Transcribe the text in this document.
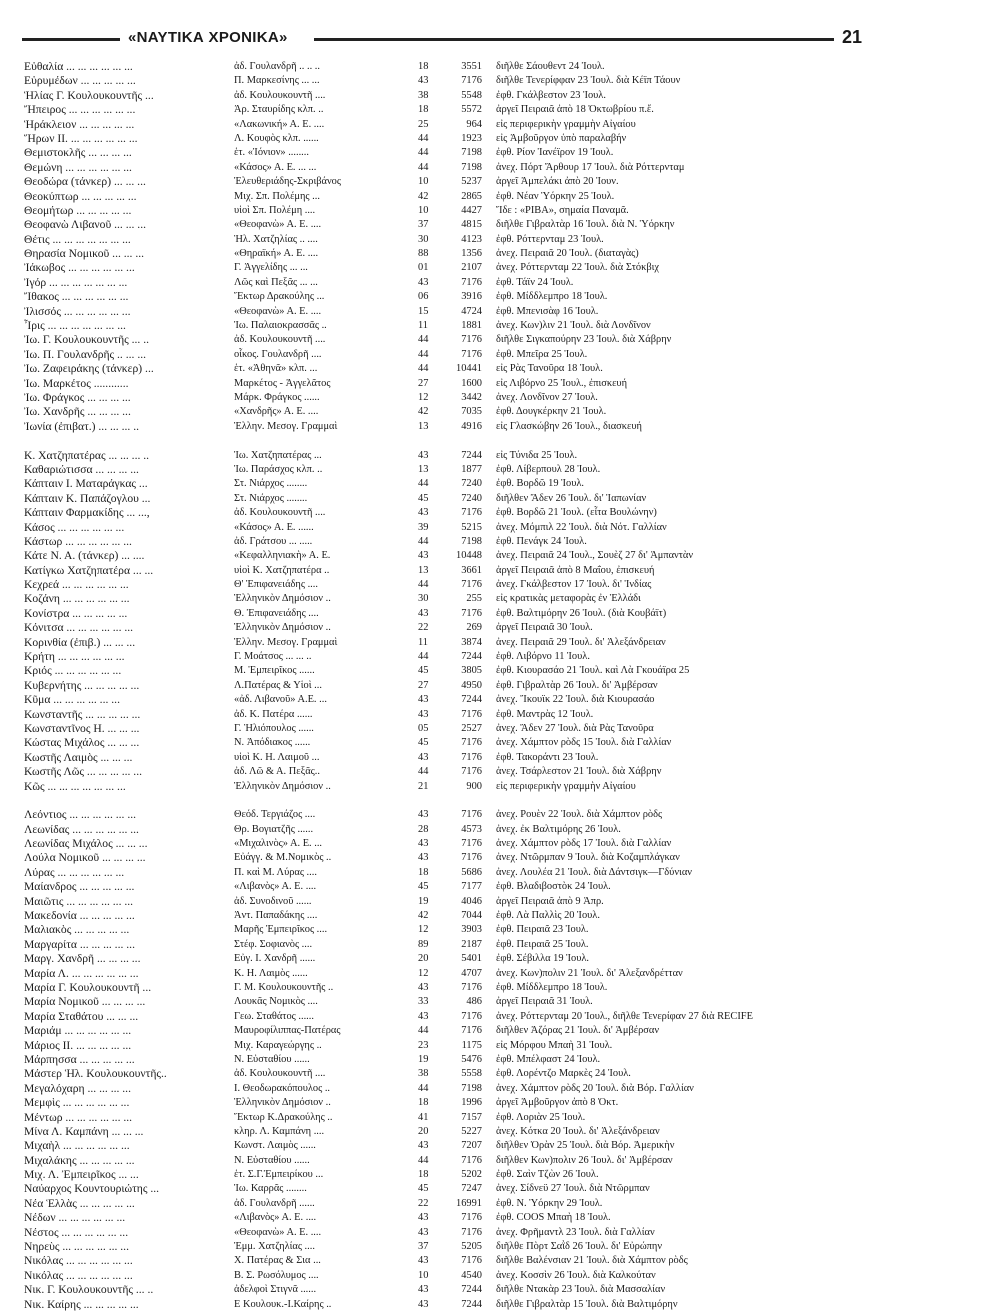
«ΝΑΥΤΙΚΑ ΧΡΟΝΙΚΑ»	21
Εὐθαλία ... ... ... ... ... ...	ἀδ. Γουλανδρῆ .. .. ..	18	3551 διῆλθε Σάουθεντ 24 Ἰουλ.
Εὐρυμέδων ... ... ... ... ...	Π. Μαρκεσίνης ... ...	43	7176 διῆλθε Τενερίφφαν 23 Ἰουλ. διὰ Κέϊπ Τάουν
Ἡλίας Γ. Κουλουκουντῆς ...	ἀδ. Κουλουκουντῆ ....	38	5548 ἐφθ. Γκάλβεστον 23 Ἰουλ.
Ἤπειρος ... ... ... ... ... ...	Ἀρ. Σταυρίδης κλπ. ..	18	5572 ἀργεῖ Πειραιᾶ ἀπὸ 18 Ὀκτωβρίου π.ἔ.
Ἡράκλειον ... ... ... ... ...	«Λακωνική» Α. Ε. ....	25	964 εἰς περιφερικὴν γραμμὴν Αἰγαίου
Ἥρων ΙΙ. ... ... ... ... ... ...	Λ. Κουφὸς κλπ. ......	44	1923 εἰς Ἀμβοῦργον ὑπὸ παραλαβήν
Θεμιστοκλῆς ... ... ... ...	ἑτ. «Ἰόνιον» ........	44	7198 ἐφθ. Ρίον Ἰανέϊρον 19 Ἰουλ.
Θεμώνη ... ... ... ... ... ...	«Κάσος» Α. Ε. ... ...	44	7198 ἀνεχ. Πόρτ Ἄρθουρ 17 Ἰουλ. διὰ Ρόττερνταμ
Θεοδώρα (τάνκερ) ... ... ...	Ἐλευθεριάδης-Σκριβάνος	10	5237 ἀργεῖ Ἀμπελάκι ἀπὸ 20 Ἰουν.
Θεοκύπτωρ ... ... ... ... ...	Μιχ. Σπ. Πολέμης ...	42	2865 ἐφθ. Νέαν Ὑόρκην 25 Ἰουλ.
Θεομήτωρ ... ... ... ... ...	υἱοὶ Σπ. Πολέμη ....	10	4427 Ἴδε : «ΡΙΒΑ», σημαία Παναμᾶ.
Θεοφανὼ Λιβανοῦ ... ... ...	«Θεοφανὼ» Α. Ε. ....	37	4815 διῆλθε Γιβραλτὰρ 16 Ἰουλ. διὰ Ν. Ὑόρκην
Θέτις ... ... ... ... ... ... ...	Ἡλ. Χατζηλίας .. ....	30	4123 ἐφθ. Ρόττερνταμ 23 Ἰουλ.
Θηρασία Νομικοῦ ... ... ...	«Θηραϊκή» Α. Ε. ....	88	1356 ἀνεχ. Πειραιᾶ 20 Ἰουλ. (διαταγὰς)
Ἰάκωβος ... ... ... ... ... ...	Γ. Ἀγγελίδης ... ...	01	2107 ἀνεχ. Ρόττερνταμ 22 Ἰουλ. διὰ Στόκβιχ
Ἰγόρ ... ... ... ... ... ... ...	Λῶς καὶ Πεξᾶς ... ...	43	7176 ἐφθ. Τάϊν 24 Ἰουλ.
Ἴθακος ... ... ... ... ... ...	Ἕκτωρ Δρακούλης ...	06	3916 ἐφθ. Μίδδλεμπρο 18 Ἰουλ.
Ἰλισσός ... ... ... ... ... ...	«Θεοφανὼ» Α. Ε. ....	15	4724 ἐφθ. Μπενισὰφ 16 Ἰουλ.
Ἶρις ... ... ... ... ... ... ...	Ἰω. Παλαιοκρασσᾶς ..	11	1881 ἀνεχ. Κων)λιν 21 Ἰουλ. διὰ Λονδῖνον
Ἰω. Γ. Κουλουκουντῆς ... ..	ἀδ. Κουλουκουντῆ ....	44	7176 διῆλθε Σιγκαπούρην 23 Ἰουλ. διὰ Χάβρην
Ἰω. Π. Γουλανδρῆς .. ... ...	οἶκος. Γουλανδρῆ ....	44	7176 ἐφθ. Μπεῖρα 25 Ἰουλ.
Ἰω. Ζαφειράκης (τάνκερ) ...	ἑτ. «Ἀθηνᾶ» κλπ. ...	44	10441 εἰς Ρὰς Τανοῦρα 18 Ἰουλ.
Ἰω. Μαρκέτος ............	Μαρκέτος - Ἀγγελᾶτος	27	1600 εἰς Λιβόρνο 25 Ἰουλ., ἐπισκευή
Ἰω. Φράγκος ... ... ... ...	Μάρκ. Φράγκος ......	12	3442 ἀνεχ. Λονδῖνον 27 Ἰουλ.
Ἰω. Χανδρῆς ... ... ... ...	«Χανδρῆς» Α. Ε. ....	42	7035 ἐφθ. Δουγκέρκην 21 Ἰουλ.
Ἰωνία (ἐπιβατ.) ... ... ... ..	Ἑλλην. Μεσογ. Γραμμαὶ	13	4916 εἰς Γλασκώβην 26 Ἰουλ., διασκευή
Κ. Χατζηπατέρας ... ... ... ..	Ἰω. Χατζηπατέρας ...	43	7244 εἰς Τύνιδα 25 Ἰουλ.
Καθαριώτισσα ... ... ... ...	Ἰω. Παράσχος κλπ. ..	13	1877 ἐφθ. Λίβερπουλ 28 Ἰουλ.
Κάπταιν Ι. Ματαράγκας ...	Στ. Νιάρχος ........	44	7240 ἐφθ. Βορδῶ 19 Ἰουλ.
Κάπταιν Κ. Παπάζογλου ...	Στ. Νιάρχος ........	45	7240 διῆλθεν Ἄδεν 26 Ἰουλ. δι' Ἰαπωνίαν
Κάπταιν Φαρμακίδης ... ...,	ἀδ. Κουλουκουντῆ ....	43	7176 ἐφθ. Βορδῶ 21 Ἰουλ. (εἶτα Βουλώνην)
Κάσος ... ... ... ... ... ...	«Κάσος» Α. Ε. ......	39	5215 ἀνεχ. Μόμπιλ 22 Ἰουλ. διὰ Νότ. Γαλλίαν
Κάστωρ ... ... ... ... ... ...	ἀδ. Γράτσου ... .....	44	7198 ἐφθ. Πενάγκ 24 Ἰουλ.
Κάτε Ν. Α. (τάνκερ) ... ....	«Κεφαλληνιακὴ» Α. Ε.	43	10448 ἀνεχ. Πειραιᾶ 24 Ἰουλ., Σουὲζ 27 δι' Ἀμπαντὰν
Κατίγκω Χατζηπατέρα ... ...	υἱοὶ Κ. Χατζηπατέρα ..	13	3661 ἀργεῖ Πειραιᾶ ἀπὸ 8 Μαΐου, ἐπισκευή
Κεχρεά ... ... ... ... ... ...	Θ' Ἐπιφανειάδης ....	44	7176 ἀνεχ. Γκάλβεστον 17 Ἰουλ. δι' Ἰνδίας
Κοζάνη ... ... ... ... ... ...	Ἑλληνικὸν Δημόσιον ..	30	255 εἰς κρατικὰς μεταφορὰς ἐν Ἑλλάδι
Κονίστρα ... ... ... ... ...	Θ. Ἐπιφανειάδης ....	43	7176 ἐφθ. Βαλτιμόρην 26 Ἰουλ. (διὰ Κουβάϊτ)
Κόνιτσα ... ... ... ... ... ...	Ἑλληνικὸν Δημόσιον ..	22	269 ἀργεῖ Πειραιᾶ 30 Ἰουλ.
Κορινθία (ἐπιβ.) ... ... ...	Ἑλλην. Μεσογ. Γραμμαὶ	11	3874 ἀνεχ. Πειραιᾶ 29 Ἰουλ. δι' Ἀλεξάνδρειαν
Κρήτη ... ... ... ... ... ...	Γ. Μοάτσος ... ... ..	44	7244 ἐφθ. Λιβόρνο 11 Ἰουλ.
Κριός ... ... ... ... ... ...	Μ. Ἐμπειρῖκος ......	45	3805 ἐφθ. Κιουρασάο 21 Ἰουλ. καὶ Λὰ Γκουάϊρα 25
Κυβερνήτης ... ... ... ... ...	Λ.Πατέρας & Υἱοὶ ...	27	4950 ἐφθ. Γιβραλτὰρ 26 Ἰουλ. δι' Ἀμβέρσαν
Κῦμα ... ... ... ... ... ...	«ἀδ. Λιβανοῦ» Α.Ε. ...	43	7244 ἀνεχ. Ἴκουϊκ 22 Ἰουλ. διὰ Κιουρασάο
Κωνσταντῆς ... ... ... ... ...	ἀδ. Κ. Πατέρα ......	43	7176 ἐφθ. Μαντρὰς 12 Ἰουλ.
Κωνσταντῖνος Η. ... ... ...	Γ. Ἡλιόπουλος ......	05	2527 ἀνεχ. Ἄδεν 27 Ἰουλ. διὰ Ρὰς Τανοῦρα
Κώστας Μιχάλος ... ... ...	Ν. Ἀπόδιακος ......	45	7176 ἀνεχ. Χάμπτον ρὸδς 15 Ἰουλ. διὰ Γαλλίαν
Κωστῆς Λαιμὸς ... ... ...	υἱοὶ Κ. Η. Λαιμοῦ ...	43	7176 ἐφθ. Τακοράντι 23 Ἰουλ.
Κωστῆς Λῶς ... ... ... ... ...	ἀδ. Λῶ & Α. Πεξᾶς..	44	7176 ἀνεχ. Τσάρλεστον 21 Ἰουλ. διὰ Χάβρην
Κῶς ... ... ... ... ... ... ...	Ἑλληνικὸν Δημόσιον ..	21	900 εἰς περιφερικὴν γραμμὴν Αἰγαίου
Λεόντιος ... ... ... ... ... ...	Θεόδ. Τεργιάζος ....	43	7176 ἀνεχ. Ρουὲν 22 Ἰουλ. διὰ Χάμπτον ρὸδς
Λεωνίδας ... ... ... ... ... ...	Θρ. Βογιατζῆς ......	28	4573 ἀνεχ. ἐκ Βαλτιμόρης 26 Ἰουλ.
Λεωνίδας Μιχάλος ... ... ...	«Μιχαλινὸς» Α. Ε. ...	43	7176 ἀνεχ. Χάμπτον ρὸδς 17 Ἰουλ. διὰ Γαλλίαν
Λούλα Νομικοῦ ... ... ... ...	Εὐάγγ. & Μ.Νομικὸς ..	43	7176 ἀνεχ. Ντῶρμπαν 9 Ἰουλ. διὰ Κοζαμπλάγκαν
Λύρας ... ... ... ... ... ...	Π. καὶ Μ. Λύρας ....	18	5686 ἀνεχ. Λουλέα 21 Ἰουλ. διὰ Δάντσιγκ—Γδύνιαν
Μαίανδρος ... ... ... ... ...	«Λιβανὸς» Α. Ε. ....	45	7177 ἐφθ. Βλαδιβοστὸκ 24 Ἰουλ.
Μαιῶτις ... ... ... ... ... ...	ἀδ. Συνοδινοῦ ......	19	4046 ἀργεῖ Πειραιᾶ ἀπὸ 9 Ἀπρ.
Μακεδονία ... ... ... ... ...	Ἀντ. Παπαδάκης ....	42	7044 ἐφθ. Λὰ Παλλὶς 20 Ἰουλ.
Μαλιακὸς ... ... ... ... ...	Μαρῆς Ἐμπειρῖκος ....	12	3903 ἐφθ. Πειραιᾶ 23 Ἰουλ.
Μαργαρίτα ... ... ... ... ...	Στέφ. Σοφιανὸς ....	89	2187 ἐφθ. Πειραιᾶ 25 Ἰουλ.
Μαργ. Χανδρῆ ... ... ... ...	Εὐγ. Ι. Χανδρῆ ......	20	5401 ἐφθ. Σέβιλλα 19 Ἰουλ.
Μαρία Λ. ... ... ... ... ... ...	Κ. Η. Λαιμὸς ......	12	4707 ἀνεχ. Κων)πολιν 21 Ἰουλ. δι' Ἀλεξανδρέτταν
Μαρία Γ. Κουλουκουντῆ ...	Γ. Μ. Κουλουκουντῆς ..	43	7176 ἐφθ. Μίδδλεμπρο 18 Ἰουλ.
Μαρία Νομικοῦ ... ... ... ...	Λουκᾶς Νομικὸς ....	33	486 ἀργεῖ Πειραιᾶ 31 Ἰουλ.
Μαρία Σταθάτου ... ... ...	Γεω. Σταθάτος ......	43	7176 ἀνεχ. Ρόττερνταμ 20 Ἰουλ., διῆλθε Τενερίφαν 27 διὰ RECIFE
Μαριάμ ... ... ... ... ... ...	Μαυροφίλιππας-Πατέρας	44	7176 διῆλθεν Ἀζόρας 21 Ἰουλ. δι' Ἀμβέρσαν
Μάριος ΙΙ. ... ... ... ... ...	Μιχ. Καραγεώργης ..	23	1175 εἰς Μόρφου Μπαὴ 31 Ἰουλ.
Μάρπησσα ... ... ... ... ...	Ν. Εὐσταθίου ......	19	5476 ἐφθ. Μπέλφαστ 24 Ἰουλ.
Μάστερ Ἡλ. Κουλουκουντῆς..	ἀδ. Κουλουκουντῆ ....	38	5558 ἐφθ. Λορέντζο Μαρκὲς 24 Ἰουλ.
Μεγαλόχαρη ... ... ... ...	Ι. Θεοδωρακόπουλος ..	44	7198 ἀνεχ. Χάμπτον ρὸδς 20 Ἰουλ. διὰ Βόρ. Γαλλίαν
Μεμφὶς ... ... ... ... ... ...	Ἑλληνικὸν Δημόσιον ..	18	1996 ἀργεῖ Ἀμβοῦργον ἀπὸ 8 Ὀκτ.
Μέντωρ ... ... ... ... ... ...	Ἕκτωρ Κ.Δρακούλης ..	41	7157 ἐφθ. Λοριὰν 25 Ἰουλ.
Μίνα Λ. Καμπάνη ... ... ...	κληρ. Λ. Καμπάνη ....	20	5227 ἀνεχ. Κότκα 20 Ἰουλ. δι' Ἀλεξάνδρειαν
Μιχαὴλ ... ... ... ... ... ...	Κωνστ. Λαιμὸς ......	43	7207 διῆλθεν Ὀρὰν 25 Ἰουλ. διὰ Βόρ. Ἀμερικὴν
Μιχαλάκης ... ... ... ... ...	Ν. Εὐσταθίου ......	44	7176 διῆλθεν Κων)πολιν 26 Ἰουλ. δι' Ἀμβέρσαν
Μιχ. Λ. Ἐμπειρῖκος ... ...	ἑτ. Σ.Γ.Ἐμπειρίκου ...	18	5202 ἐφθ. Σαὶν Τζὼν 26 Ἰουλ.
Ναύαρχος Κουντουριώτης ...	Ἰω. Καρρᾶς ........	45	7247 ἀνεχ. Σίδνεϋ 27 Ἰουλ. διὰ Ντῶρμπαν
Νέα Ἑλλὰς ... ... ... ... ...	ἀδ. Γουλανδρῆ ......	22	16991 ἐφθ. Ν. Ὑόρκην 29 Ἰουλ.
Νέδων ... ... ... ... ... ...	«Λιβανὸς» Α. Ε. ....	43	7176 ἐφθ. COOS Μπαὴ 18 Ἰουλ.
Νέστος ... ... ... ... ... ...	«Θεοφανὼ» Α. Ε. ....	43	7176 ἀνεχ. Φρῆμαντλ 23 Ἰουλ. διὰ Γαλλίαν
Νηρεὺς ... ... ... ... ... ...	Ἐμμ. Χατζηλίας ....	37	5205 διῆλθε Πὸρτ Σαῒδ 26 Ἰουλ. δι' Εὐρώπην
Νικόλας ... ... ... ... ... ...	Χ. Πατέρας & Σια ...	43	7176 διῆλθε Βαλένσιαν 21 Ἰουλ. διὰ Χάμπτον ρὸδς
Νικόλας ... ... ... ... ... ...	Β. Σ. Ρωσόλυμος ....	10	4540 ἀνεχ. Κοσσὶν 26 Ἰουλ. διὰ Καλκούταν
Νικ. Γ. Κουλουκουντῆς ... ..	ἀδελφοὶ Στιγνᾶ ......	43	7244 διῆλθε Ντακὰρ 23 Ἰουλ. διὰ Μασσαλίαν
Νικ. Καίρης ... ... ... ... ...	Ε Κουλουκ.-Ι.Καίρης ..	43	7244 διῆλθε Γιβραλτὰρ 15 Ἰουλ. διὰ Βαλτιμόρην
